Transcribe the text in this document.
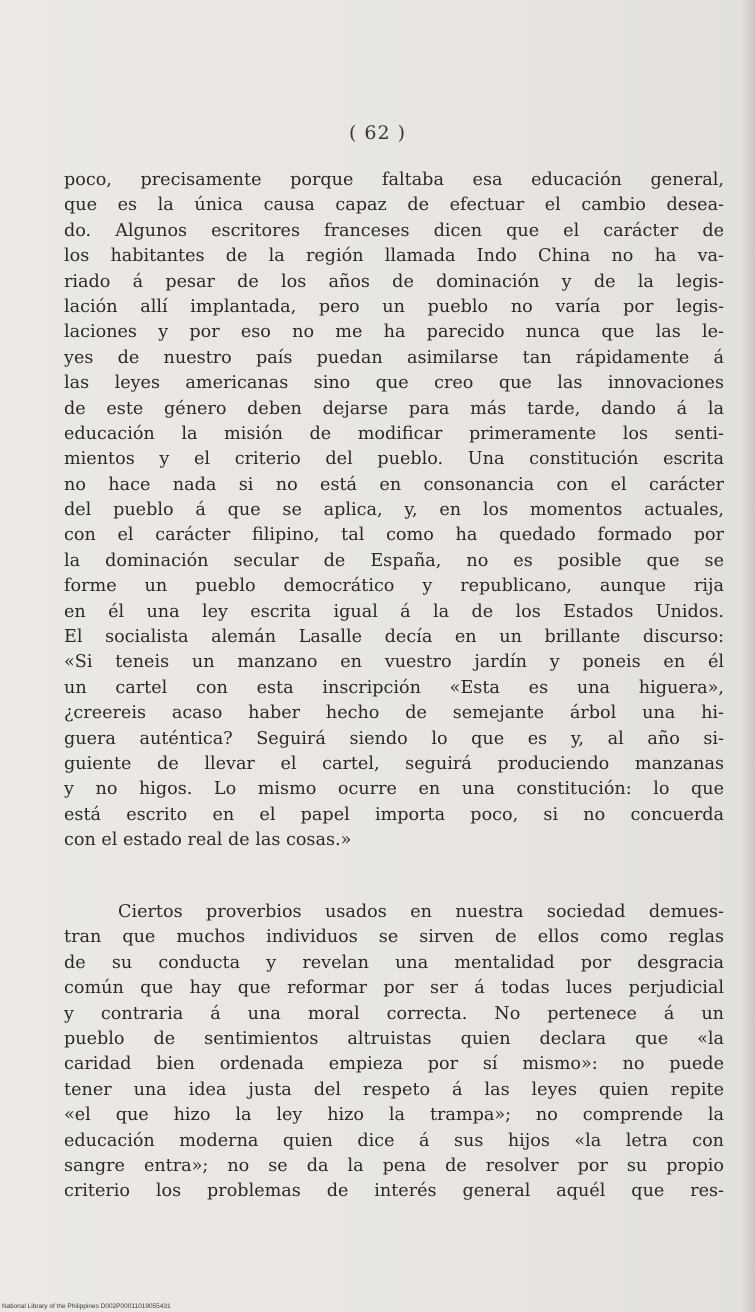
( 62 )
poco, precisamente porque faltaba esa educación general,
que es la única causa capaz de efectuar el cambio desea-
do. Algunos escritores franceses dicen que el carácter de
los habitantes de la región llamada Indo China no ha va-
riado á pesar de los años de dominación y de la legis-
lación allí implantada, pero un pueblo no varía por legis-
laciones y por eso no me ha parecido nunca que las le-
yes de nuestro país puedan asimilarse tan rápidamente á
las leyes americanas sino que creo que las innovaciones
de este género deben dejarse para más tarde, dando á la
educación la misión de modificar primeramente los senti-
mientos y el criterio del pueblo. Una constitución escrita
no hace nada si no está en consonancia con el carácter
del pueblo á que se aplica, y, en los momentos actuales,
con el carácter filipino, tal como ha quedado formado por
la dominación secular de España, no es posible que se
forme un pueblo democrático y republicano, aunque rija
en él una ley escrita igual á la de los Estados Unidos.
El socialista alemán Lasalle decía en un brillante discurso:
«Si teneis un manzano en vuestro jardín y poneis en él
un cartel con esta inscripción «Esta es una higuera»,
¿creereis acaso haber hecho de semejante árbol una hi-
guera auténtica? Seguirá siendo lo que es y, al año si-
guiente de llevar el cartel, seguirá produciendo manzanas
y no higos. Lo mismo ocurre en una constitución: lo que
está escrito en el papel importa poco, si no concuerda
con el estado real de las cosas.»
Ciertos proverbios usados en nuestra sociedad demues-
tran que muchos individuos se sirven de ellos como reglas
de su conducta y revelan una mentalidad por desgracia
común que hay que reformar por ser á todas luces perjudicial
y contraria á una moral correcta. No pertenece á un
pueblo de sentimientos altruistas quien declara que «la
caridad bien ordenada empieza por sí mismo»: no puede
tener una idea justa del respeto á las leyes quien repite
«el que hizo la ley hizo la trampa»; no comprende la
educación moderna quien dice á sus hijos «la letra con
sangre entra»; no se da la pena de resolver por su propio
criterio los problemas de interés general aquél que res-
National Library of the Philippines D002P00011019055431
